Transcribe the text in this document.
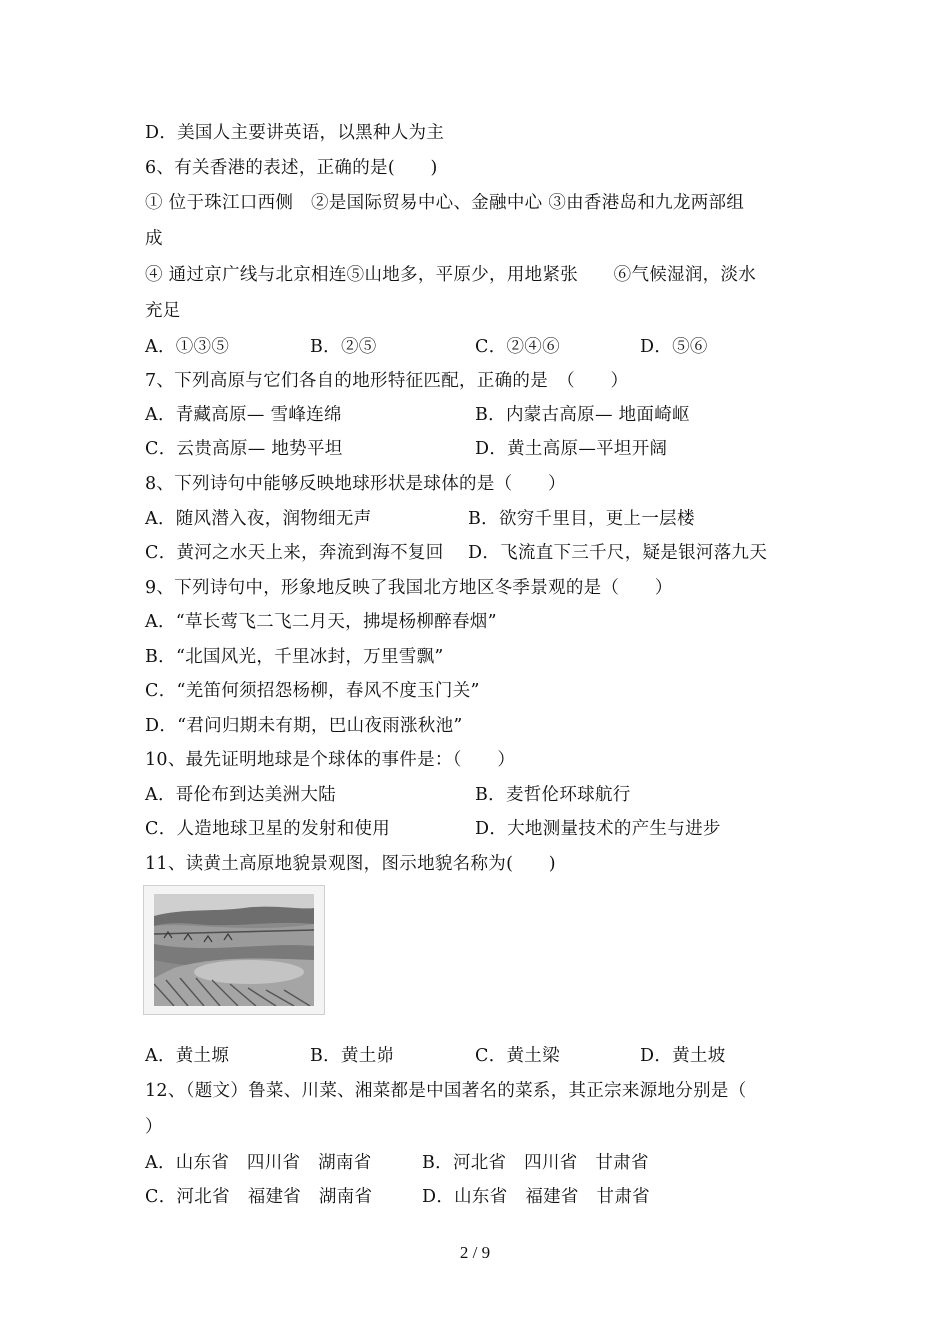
D．美国人主要讲英语，以黑种人为主
6、有关香港的表述，正确的是(　　)
① 位于珠江口西侧　②是国际贸易中心、金融中心 ③由香港岛和九龙两部组
成
④ 通过京广线与北京相连⑤山地多，平原少，用地紧张　　⑥气候湿润，淡水
充足
A．①③⑤	B．②⑤	C．②④⑥	D．⑤⑥
7、下列高原与它们各自的地形特征匹配，正确的是　（　　）
A．青藏高原— 雪峰连绵	B．内蒙古高原— 地面崎岖
C．云贵高原— 地势平坦	D．黄土高原—平坦开阔
8、下列诗句中能够反映地球形状是球体的是（　　）
A．随风潜入夜，润物细无声	B．欲穷千里目，更上一层楼
C．黄河之水天上来，奔流到海不复回 D．飞流直下三千尺，疑是银河落九天
9、下列诗句中，形象地反映了我国北方地区冬季景观的是（　　）
A．“草长莺飞二飞二月天，拂堤杨柳醉春烟”
B．“北国风光，千里冰封，万里雪飘”
C．“羌笛何须招怨杨柳，春风不度玉门关”
D．“君问归期未有期，巴山夜雨涨秋池”
10、最先证明地球是个球体的事件是：（　　）
A．哥伦布到达美洲大陆	B．麦哲伦环球航行
C．人造地球卫星的发射和使用	D．大地测量技术的产生与进步
11、读黄土高原地貌景观图，图示地貌名称为(　　)
A．黄土塬	B．黄土峁	C．黄土梁	D．黄土坡
12、（题文）鲁菜、川菜、湘菜都是中国著名的菜系，其正宗来源地分别是（
）
A．山东省　四川省　湖南省	B．河北省　四川省　甘肃省
C．河北省　福建省　湖南省	D．山东省　福建省　甘肃省
2 / 9
